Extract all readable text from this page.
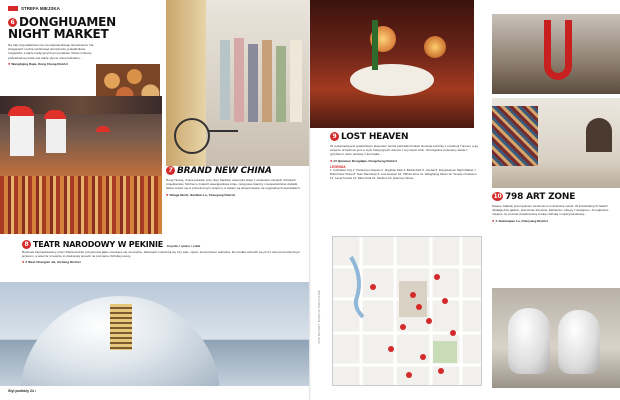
STREFA MIEJSKA
6 DONGHUAMEN
NIGHT MARKET
Na cały targ właściwie nie ma odpowiedniego tłumaczenia. Na straganach można spróbować skorpionów, jedwabników, rozgwiazd, a także tradycyjnych przysmaków. Obok rozkoszy podniebienia czeka nas także słynne show kulinarne...
●Wangfujing Dajie, Dong Cheng District
7 BRAND NEW CHINA
Hong Huang, znana pisarka, przy ulicy Sanlitun otworzyła sklep z ubraniami młodych chińskich projektantów. Można tu znaleźć awangardowe kroje, nietypowe tkaniny i niepowtarzalne dodatki. Sklep mieści się w przestronnym wnętrzu, a towary są eksponowane na oryginalnych wieszakach...
●Village North, Sanlitun Lu, Chaoyang District
8 TEATR NARODOWY W PEKINIE Kopuła z tytanu i szkła
Budynek zaprojektowany przez Paula Andreu przypomina jajko unoszące się na wodzie. Wewnątrz mieszczą się trzy sale: opera, koncertowa i teatralna. Do środka wchodzi się przez tunel pod sztucznym jeziorem, a wieczór w teatrze to doskonały sposób na poznanie chińskiej sceny.
●2 West Chang'an Jie, Xicheng District
Styl podróży 24 •
9 LOST HEAVEN
Ta restauracja jest prawdziwym klejnotem wśród pekinskich lokali. Serwuje kuchnię z prowincji Yunnan, a jej wnętrze urządzone jest w stylu tradycyjnych domów z tej części Chin. Szczególnie polecamy dania z grzybami i ostre potrawy z kurczaka...
●23 Qianmen Dongdajie, Dongcheng District
LEGENDA
1. Forbidden City 2. Tiananmen Square 3. Jingshan Park 4. Beihai Park 5. Houhai 6. Donghuamen Night Market 7. Brand New China 8. Teatr Narodowy 9. Lost Heaven 10. 798 Art Zone 11. Wangfujing Street 12. Temple of Heaven 13. Lama Temple 14. Ritan Park 15. Sanlitun 16. Qianmen Street
SOS NATURY ZDJĘCIA PHOTOLINK
10 798 ART ZONE
Dawne zakłady przemysłowe zamieniono w dzielnicę sztuki. W industrialnych halach działają dziś galerie, pracownie artystów, kawiarnie i sklepy z designem. To najlepsze miejsce, by poznać współczesną sztukę chińską i międzynarodową...
●4 Jiuxianqiao Lu, Chaoyang District
